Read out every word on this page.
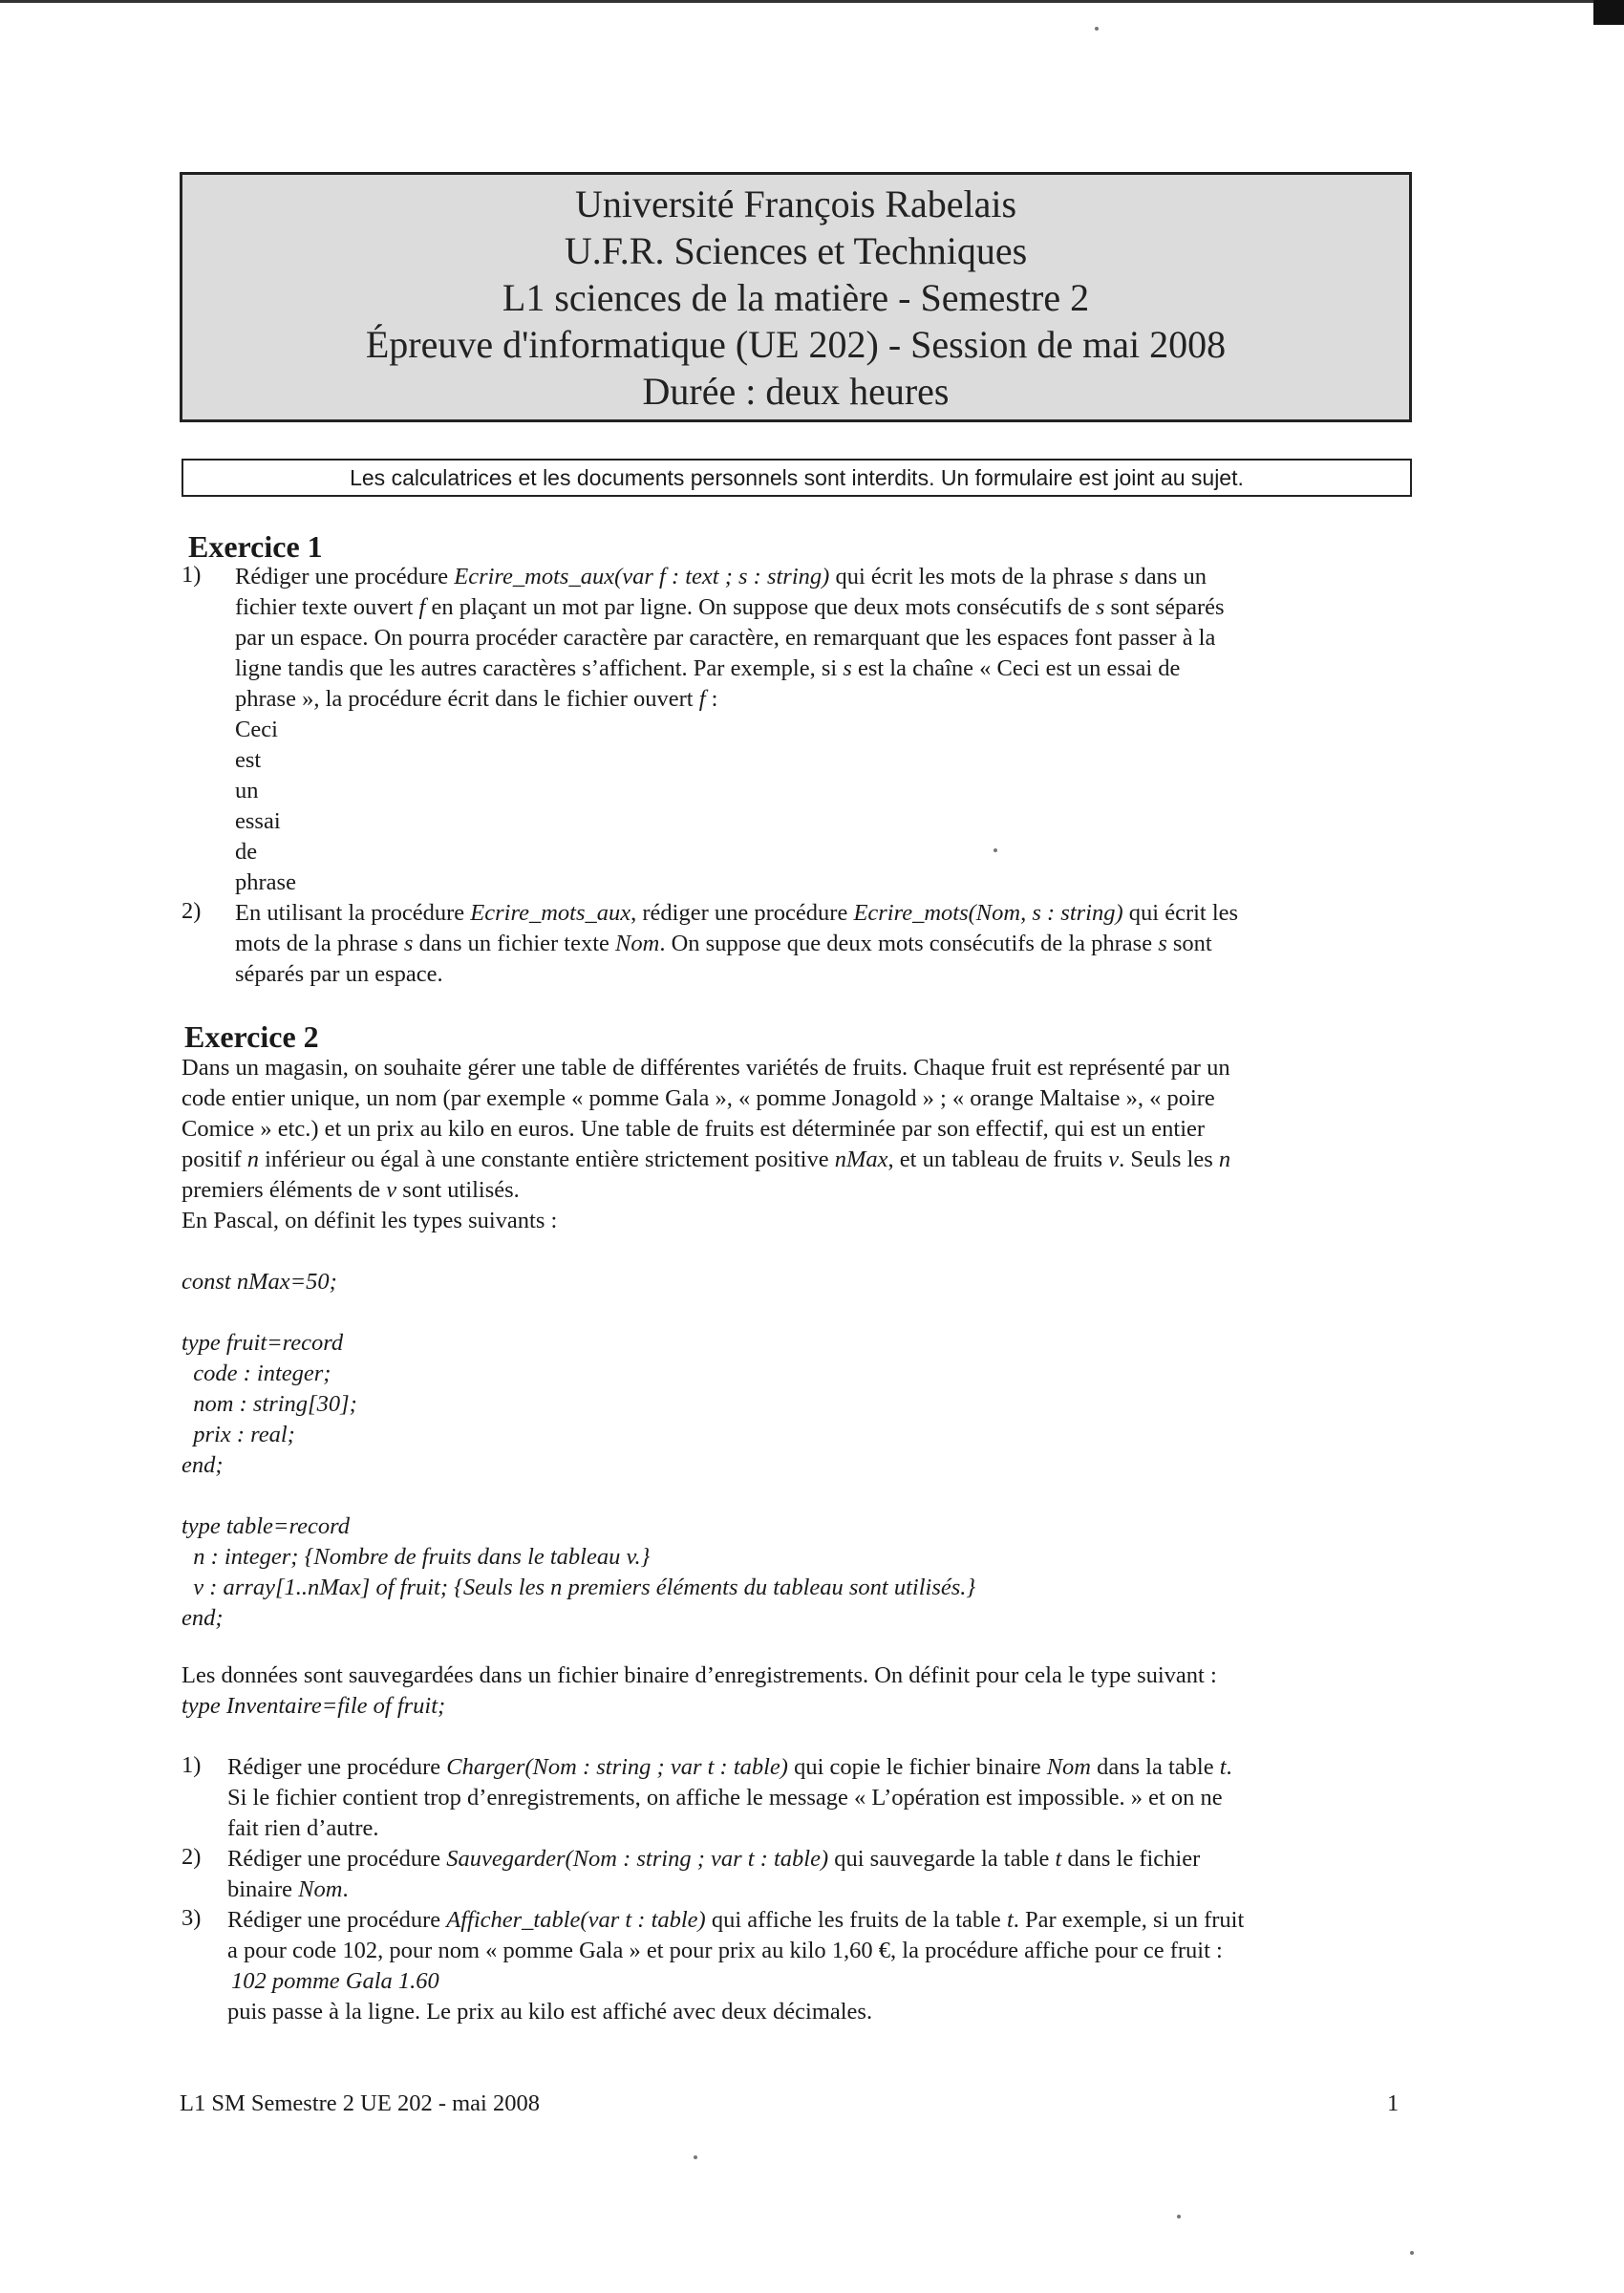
Université François Rabelais
U.F.R. Sciences et Techniques
L1 sciences de la matière - Semestre 2
Épreuve d'informatique (UE 202) - Session de mai 2008
Durée : deux heures
Les calculatrices et les documents personnels sont interdits. Un formulaire est joint au sujet.
Exercice 1
1) Rédiger une procédure Ecrire_mots_aux(var f : text ; s : string) qui écrit les mots de la phrase s dans un
fichier texte ouvert f en plaçant un mot par ligne. On suppose que deux mots consécutifs de s sont séparés
par un espace. On pourra procéder caractère par caractère, en remarquant que les espaces font passer à la
ligne tandis que les autres caractères s’affichent. Par exemple, si s est la chaîne « Ceci est un essai de
phrase », la procédure écrit dans le fichier ouvert f :
Ceci
est
un
essai
de
phrase
2) En utilisant la procédure Ecrire_mots_aux, rédiger une procédure Ecrire_mots(Nom, s : string) qui écrit les
mots de la phrase s dans un fichier texte Nom. On suppose que deux mots consécutifs de la phrase s sont
séparés par un espace.
Exercice 2
Dans un magasin, on souhaite gérer une table de différentes variétés de fruits. Chaque fruit est représenté par un
code entier unique, un nom (par exemple « pomme Gala », « pomme Jonagold » ; « orange Maltaise », « poire
Comice » etc.) et un prix au kilo en euros. Une table de fruits est déterminée par son effectif, qui est un entier
positif n inférieur ou égal à une constante entière strictement positive nMax, et un tableau de fruits v. Seuls les n
premiers éléments de v sont utilisés.
En Pascal, on définit les types suivants :
const nMax=50;
type fruit=record
code : integer;
nom : string[30];
prix : real;
end;
type table=record
n : integer; {Nombre de fruits dans le tableau v.}
v : array[1..nMax] of fruit; {Seuls les n premiers éléments du tableau sont utilisés.}
end;
Les données sont sauvegardées dans un fichier binaire d’enregistrements. On définit pour cela le type suivant :
type Inventaire=file of fruit;
1) Rédiger une procédure Charger(Nom : string ; var t : table) qui copie le fichier binaire Nom dans la table t.
Si le fichier contient trop d’enregistrements, on affiche le message « L’opération est impossible. » et on ne
fait rien d’autre.
2) Rédiger une procédure Sauvegarder(Nom : string ; var t : table) qui sauvegarde la table t dans le fichier
binaire Nom.
3) Rédiger une procédure Afficher_table(var t : table) qui affiche les fruits de la table t. Par exemple, si un fruit
a pour code 102, pour nom « pomme Gala » et pour prix au kilo 1,60 €, la procédure affiche pour ce fruit :
102 pomme Gala 1.60
puis passe à la ligne. Le prix au kilo est affiché avec deux décimales.
L1 SM Semestre 2 UE 202 - mai 2008	1
